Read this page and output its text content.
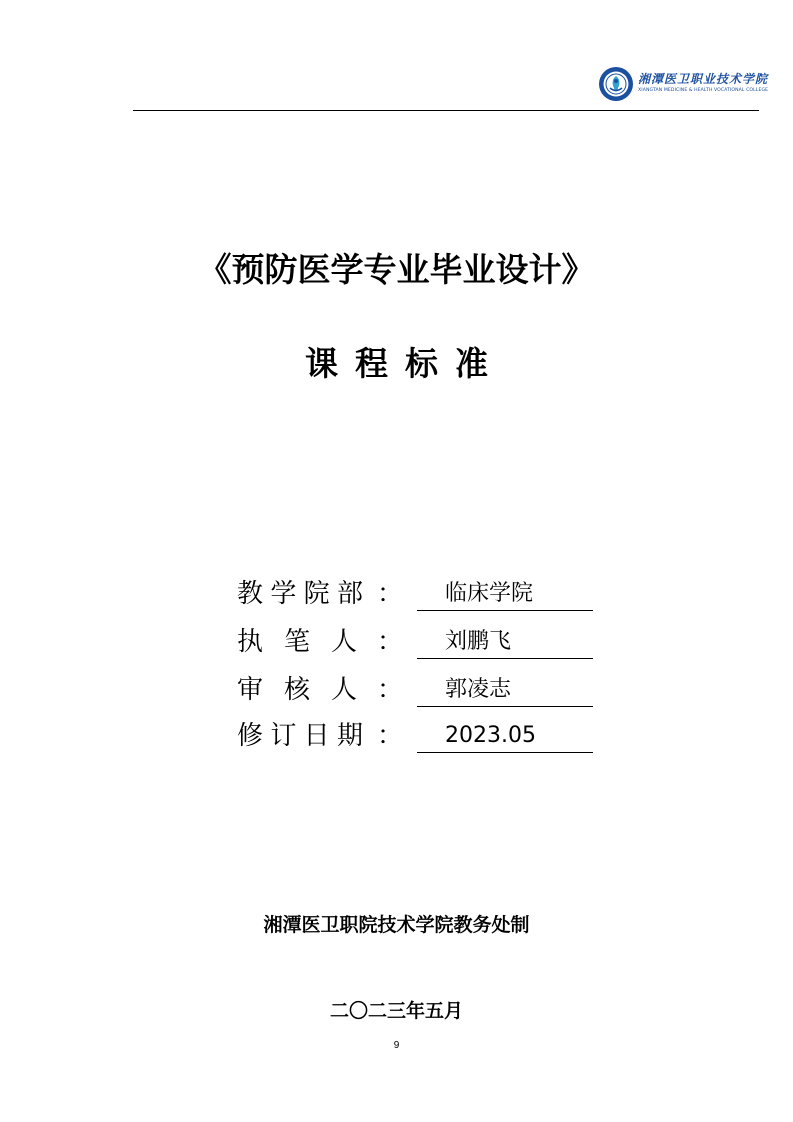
湘潭医卫职业技术学院
XIANGTAN MEDICINE & HEALTH VOCATIONAL COLLEGE
《预防医学专业毕业设计》
课程标准
教 学 院 部 ：	临床学院
执 笔 人 ：	刘鹏飞
审 核 人 ：	郭凌志
修 订 日 期 ：	2023.05
湘潭医卫职院技术学院教务处制
二〇二三年五月
9
